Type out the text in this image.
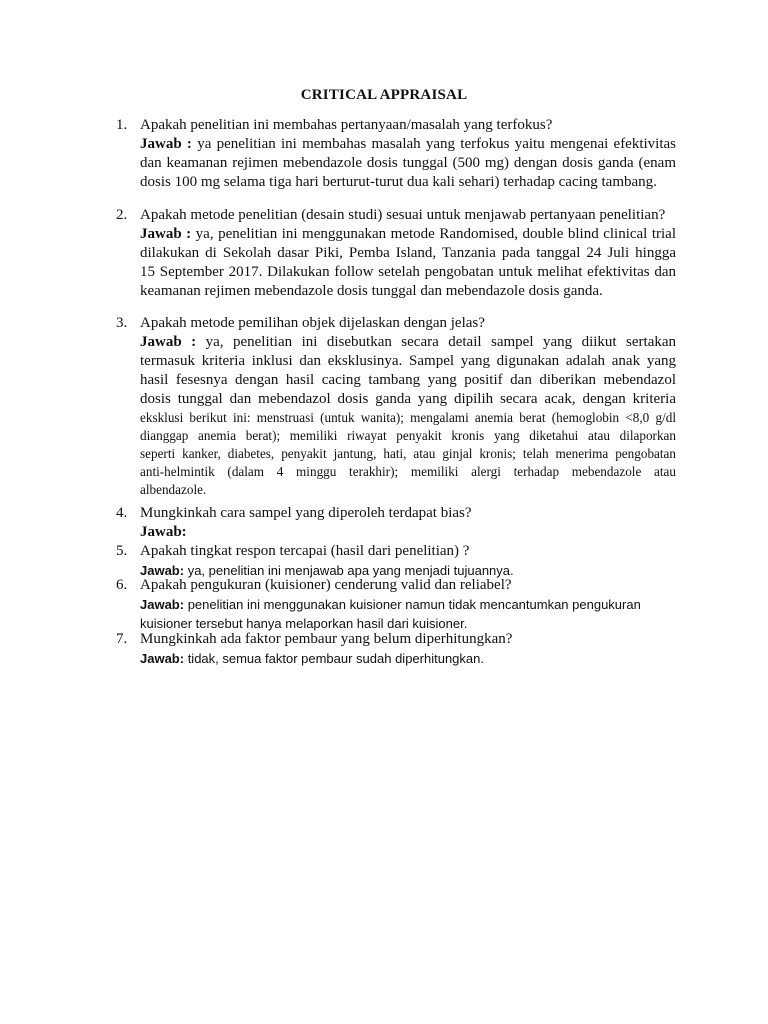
CRITICAL APPRAISAL
1. Apakah penelitian ini membahas pertanyaan/masalah yang terfokus?
Jawab : ya penelitian ini membahas masalah yang terfokus yaitu mengenai efektivitas
dan keamanan rejimen mebendazole dosis tunggal (500 mg) dengan dosis ganda (enam
dosis 100 mg selama tiga hari berturut-turut dua kali sehari) terhadap cacing tambang.
2. Apakah metode penelitian (desain studi) sesuai untuk menjawab pertanyaan penelitian?
Jawab : ya, penelitian ini menggunakan metode Randomised, double blind clinical trial
dilakukan di Sekolah dasar Piki, Pemba Island, Tanzania pada tanggal 24 Juli hingga
15 September 2017. Dilakukan follow setelah pengobatan untuk melihat efektivitas dan
keamanan rejimen mebendazole dosis tunggal dan mebendazole dosis ganda.
3. Apakah metode pemilihan objek dijelaskan dengan jelas?
Jawab : ya, penelitian ini disebutkan secara detail sampel yang diikut sertakan
termasuk kriteria inklusi dan eksklusinya. Sampel yang digunakan adalah anak yang
hasil fesesnya dengan hasil cacing tambang yang positif dan diberikan mebendazol
dosis tunggal dan mebendazol dosis ganda yang dipilih secara acak, dengan kriteria
eksklusi berikut ini: menstruasi (untuk wanita); mengalami anemia berat (hemoglobin <8,0 g/dl
dianggap anemia berat); memiliki riwayat penyakit kronis yang diketahui atau dilaporkan
seperti kanker, diabetes, penyakit jantung, hati, atau ginjal kronis; telah menerima pengobatan
anti-helmintik (dalam 4 minggu terakhir); memiliki alergi terhadap mebendazole atau
albendazole.
4. Mungkinkah cara sampel yang diperoleh terdapat bias?
Jawab:
5. Apakah tingkat respon tercapai (hasil dari penelitian) ?
Jawab: ya, penelitian ini menjawab apa yang menjadi tujuannya.
6. Apakah pengukuran (kuisioner) cenderung valid dan reliabel?
Jawab: penelitian ini menggunakan kuisioner namun tidak mencantumkan pengukuran
kuisioner tersebut hanya melaporkan hasil dari kuisioner.
7. Mungkinkah ada faktor pembaur yang belum diperhitungkan?
Jawab: tidak, semua faktor pembaur sudah diperhitungkan.
